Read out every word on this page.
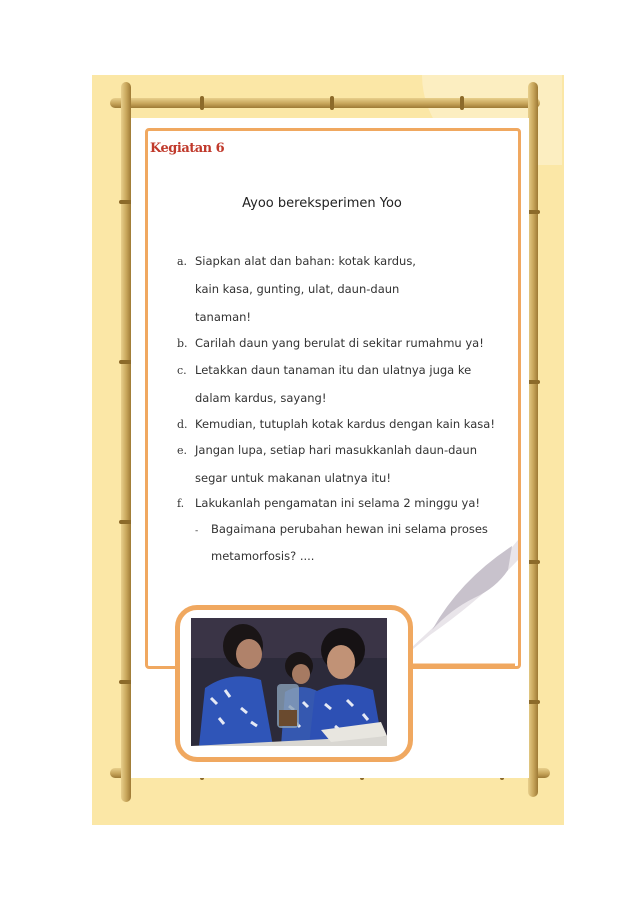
Kegiatan 6
Ayoo bereksperimen Yoo
a. Siapkan alat dan bahan: kotak kardus,
kain kasa, gunting, ulat, daun-daun
tanaman!
b. Carilah daun yang berulat di sekitar rumahmu ya!
c. Letakkan daun tanaman itu dan ulatnya juga ke
dalam kardus, sayang!
d. Kemudian, tutuplah kotak kardus dengan kain kasa!
e. Jangan lupa, setiap hari masukkanlah daun-daun
segar untuk makanan ulatnya itu!
f. Lakukanlah pengamatan ini selama 2 minggu ya!
- Bagaimana perubahan hewan ini selama proses
metamorfosis? ....
